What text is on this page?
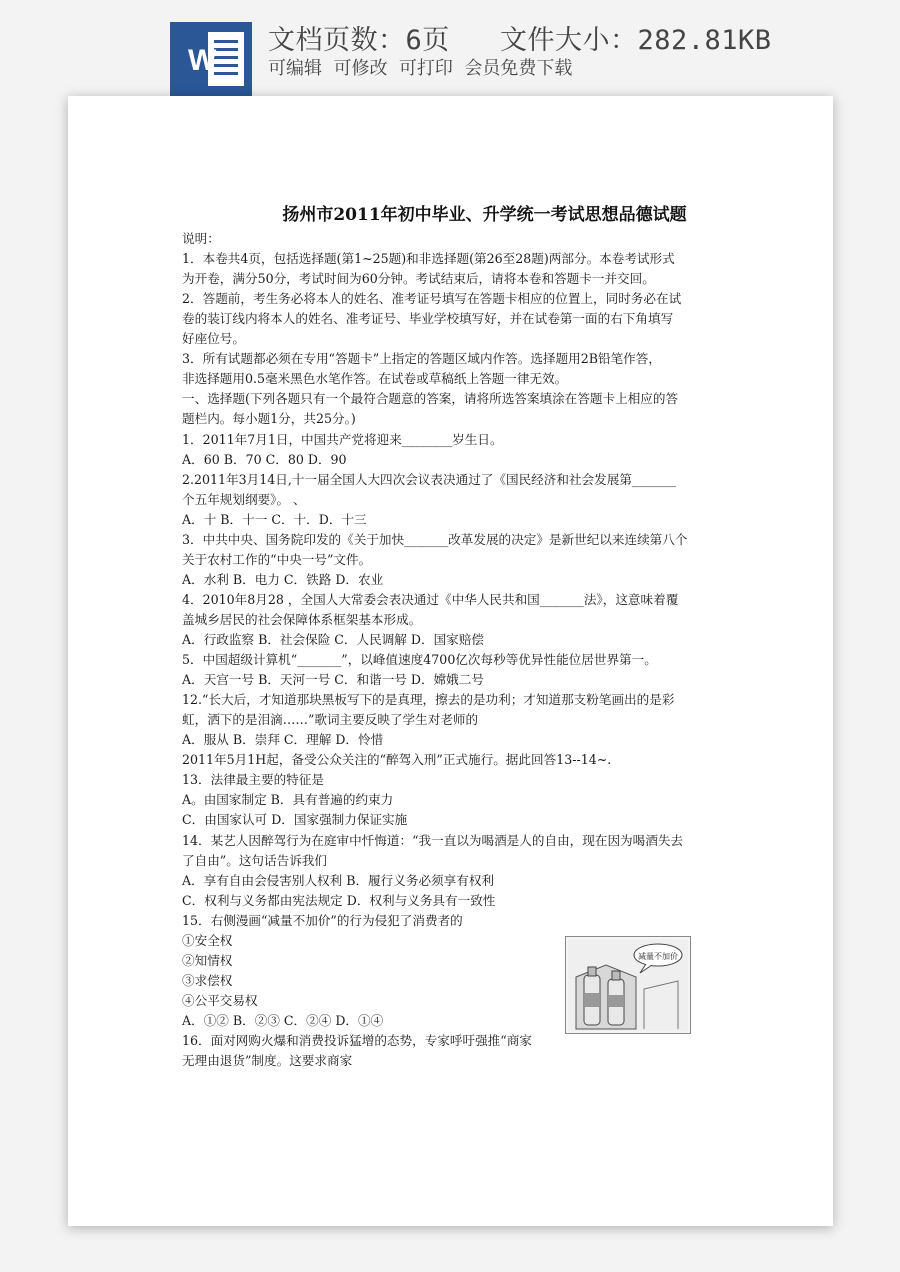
W
文档页数：6页   文件大小：282.81KB
可编辑  可修改  可打印  会员免费下载
扬州市2011年初中毕业、升学统一考试思想品德试题
说明：
1．本卷共4页，包括选择题(第1~25题)和非选择题(第26至28题)两部分。本卷考试形式
为开卷，满分50分，考试时间为60分钟。考试结束后，请将本卷和答题卡一并交回。
2．答题前，考生务必将本人的姓名、准考证号填写在答题卡相应的位置上，同时务必在试
卷的装订线内将本人的姓名、准考证号、毕业学校填写好，并在试卷第一面的右下角填写
好座位号。
3．所有试题都必须在专用“答题卡”上指定的答题区域内作答。选择题用2B铅笔作答，
非选择题用0.5毫米黑色水笔作答。在试卷或草稿纸上答题一律无效。
一、选择题(下列各题只有一个最符合题意的答案，请将所选答案填涂在答题卡上相应的答
题栏内。每小题1分，共25分。)
1．2011年7月1日，中国共产党将迎来________岁生日。
A．60 B．70 C．80 D．90
2.2011年3月14日,十一届全国人大四次会议表决通过了《国民经济和社会发展第_______
个五年规划纲要》。 、
A．十 B．十一 C．十．D．十三
3．中共中央、国务院印发的《关于加快_______改革发展的决定》是新世纪以来连续第八个
关于农村工作的“中央一号”文件。
A．水利 B．电力 C．铁路 D．农业
4．2010年8月28 ，全国人大常委会表决通过《中华人民共和国_______法》，这意味着覆
盖城乡居民的社会保障体系框架基本形成。
A．行政监察 B．社会保险 C．人民调解 D．国家赔偿
5．中国超级计算机“_______”，以峰值速度4700亿次每秒等优异性能位居世界第一。
A．天宫一号 B．天河一号 C．和谐一号 D．嫦娥二号
12.“长大后，才知道那块黑板写下的是真理，擦去的是功利；才知道那支粉笔画出的是彩
虹，洒下的是泪滴……”歌词主要反映了学生对老师的
A．服从 B．崇拜 C．理解 D．怜惜
2011年5月1H起，备受公众关注的“醉驾入刑”正式施行。据此回答13--14~.
13．法律最主要的特征是
A。由国家制定 B．具有普遍的约束力
C．由国家认可 D．国家强制力保证实施
14．某艺人因醉驾行为在庭审中忏悔道：“我一直以为喝酒是人的自由，现在因为喝酒失去
了自由”。这句话告诉我们
A．享有自由会侵害别人权利 B．履行义务必须享有权利
C．权利与义务都由宪法规定 D．权利与义务具有一致性
15．右侧漫画“减量不加价”的行为侵犯了消费者的
①安全权
②知情权
③求偿权
④公平交易权
A．①② B．②③ C．②④ D．①④
16．面对网购火爆和消费投诉猛增的态势，专家呼吁强推“商家
无理由退货”制度。这要求商家
减量不加价
